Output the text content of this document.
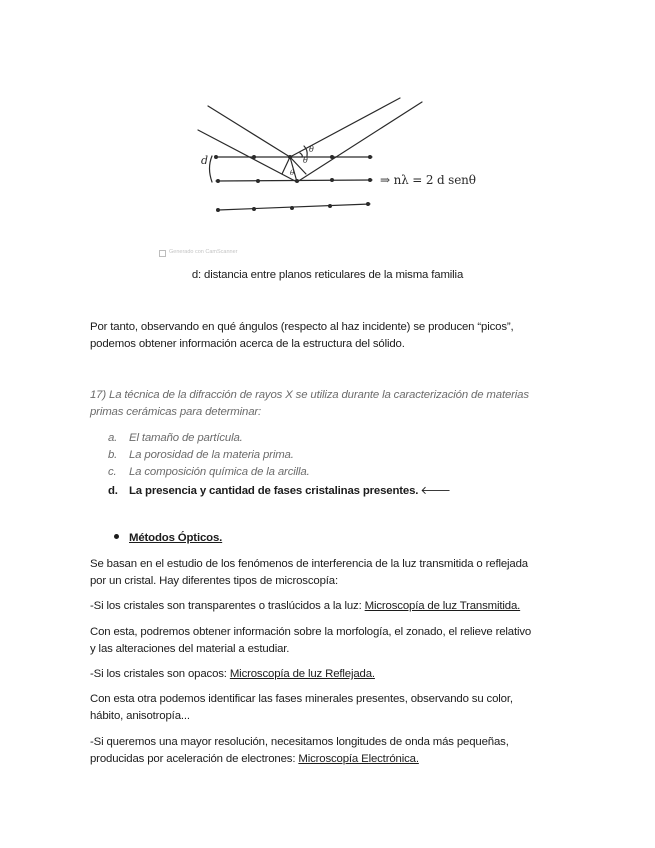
d
θ
θ
θ	⇒ nλ = 2 d senθ
Generado con CamScanner
d: distancia entre planos reticulares de la misma familia
Por tanto, observando en qué ángulos (respecto al haz incidente) se producen “picos”,
podemos obtener información acerca de la estructura del sólido.
17) La técnica de la difracción de rayos X se utiliza durante la caracterización de materias
primas cerámicas para determinar:
a. El tamaño de partícula.
b. La porosidad de la materia prima.
c. La composición química de la arcilla.
d. La presencia y cantidad de fases cristalinas presentes. 🡐
Métodos Ópticos.
Se basan en el estudio de los fenómenos de interferencia de la luz transmitida o reflejada
por un cristal. Hay diferentes tipos de microscopía:
-Si los cristales son transparentes o traslúcidos a la luz: Microscopía de luz Transmitida.
Con esta, podremos obtener información sobre la morfología, el zonado, el relieve relativo
y las alteraciones del material a estudiar.
-Si los cristales son opacos: Microscopía de luz Reflejada.
Con esta otra podemos identificar las fases minerales presentes, observando su color,
hábito, anisotropía...
-Si queremos una mayor resolución, necesitamos longitudes de onda más pequeñas,
producidas por aceleración de electrones: Microscopía Electrónica.
